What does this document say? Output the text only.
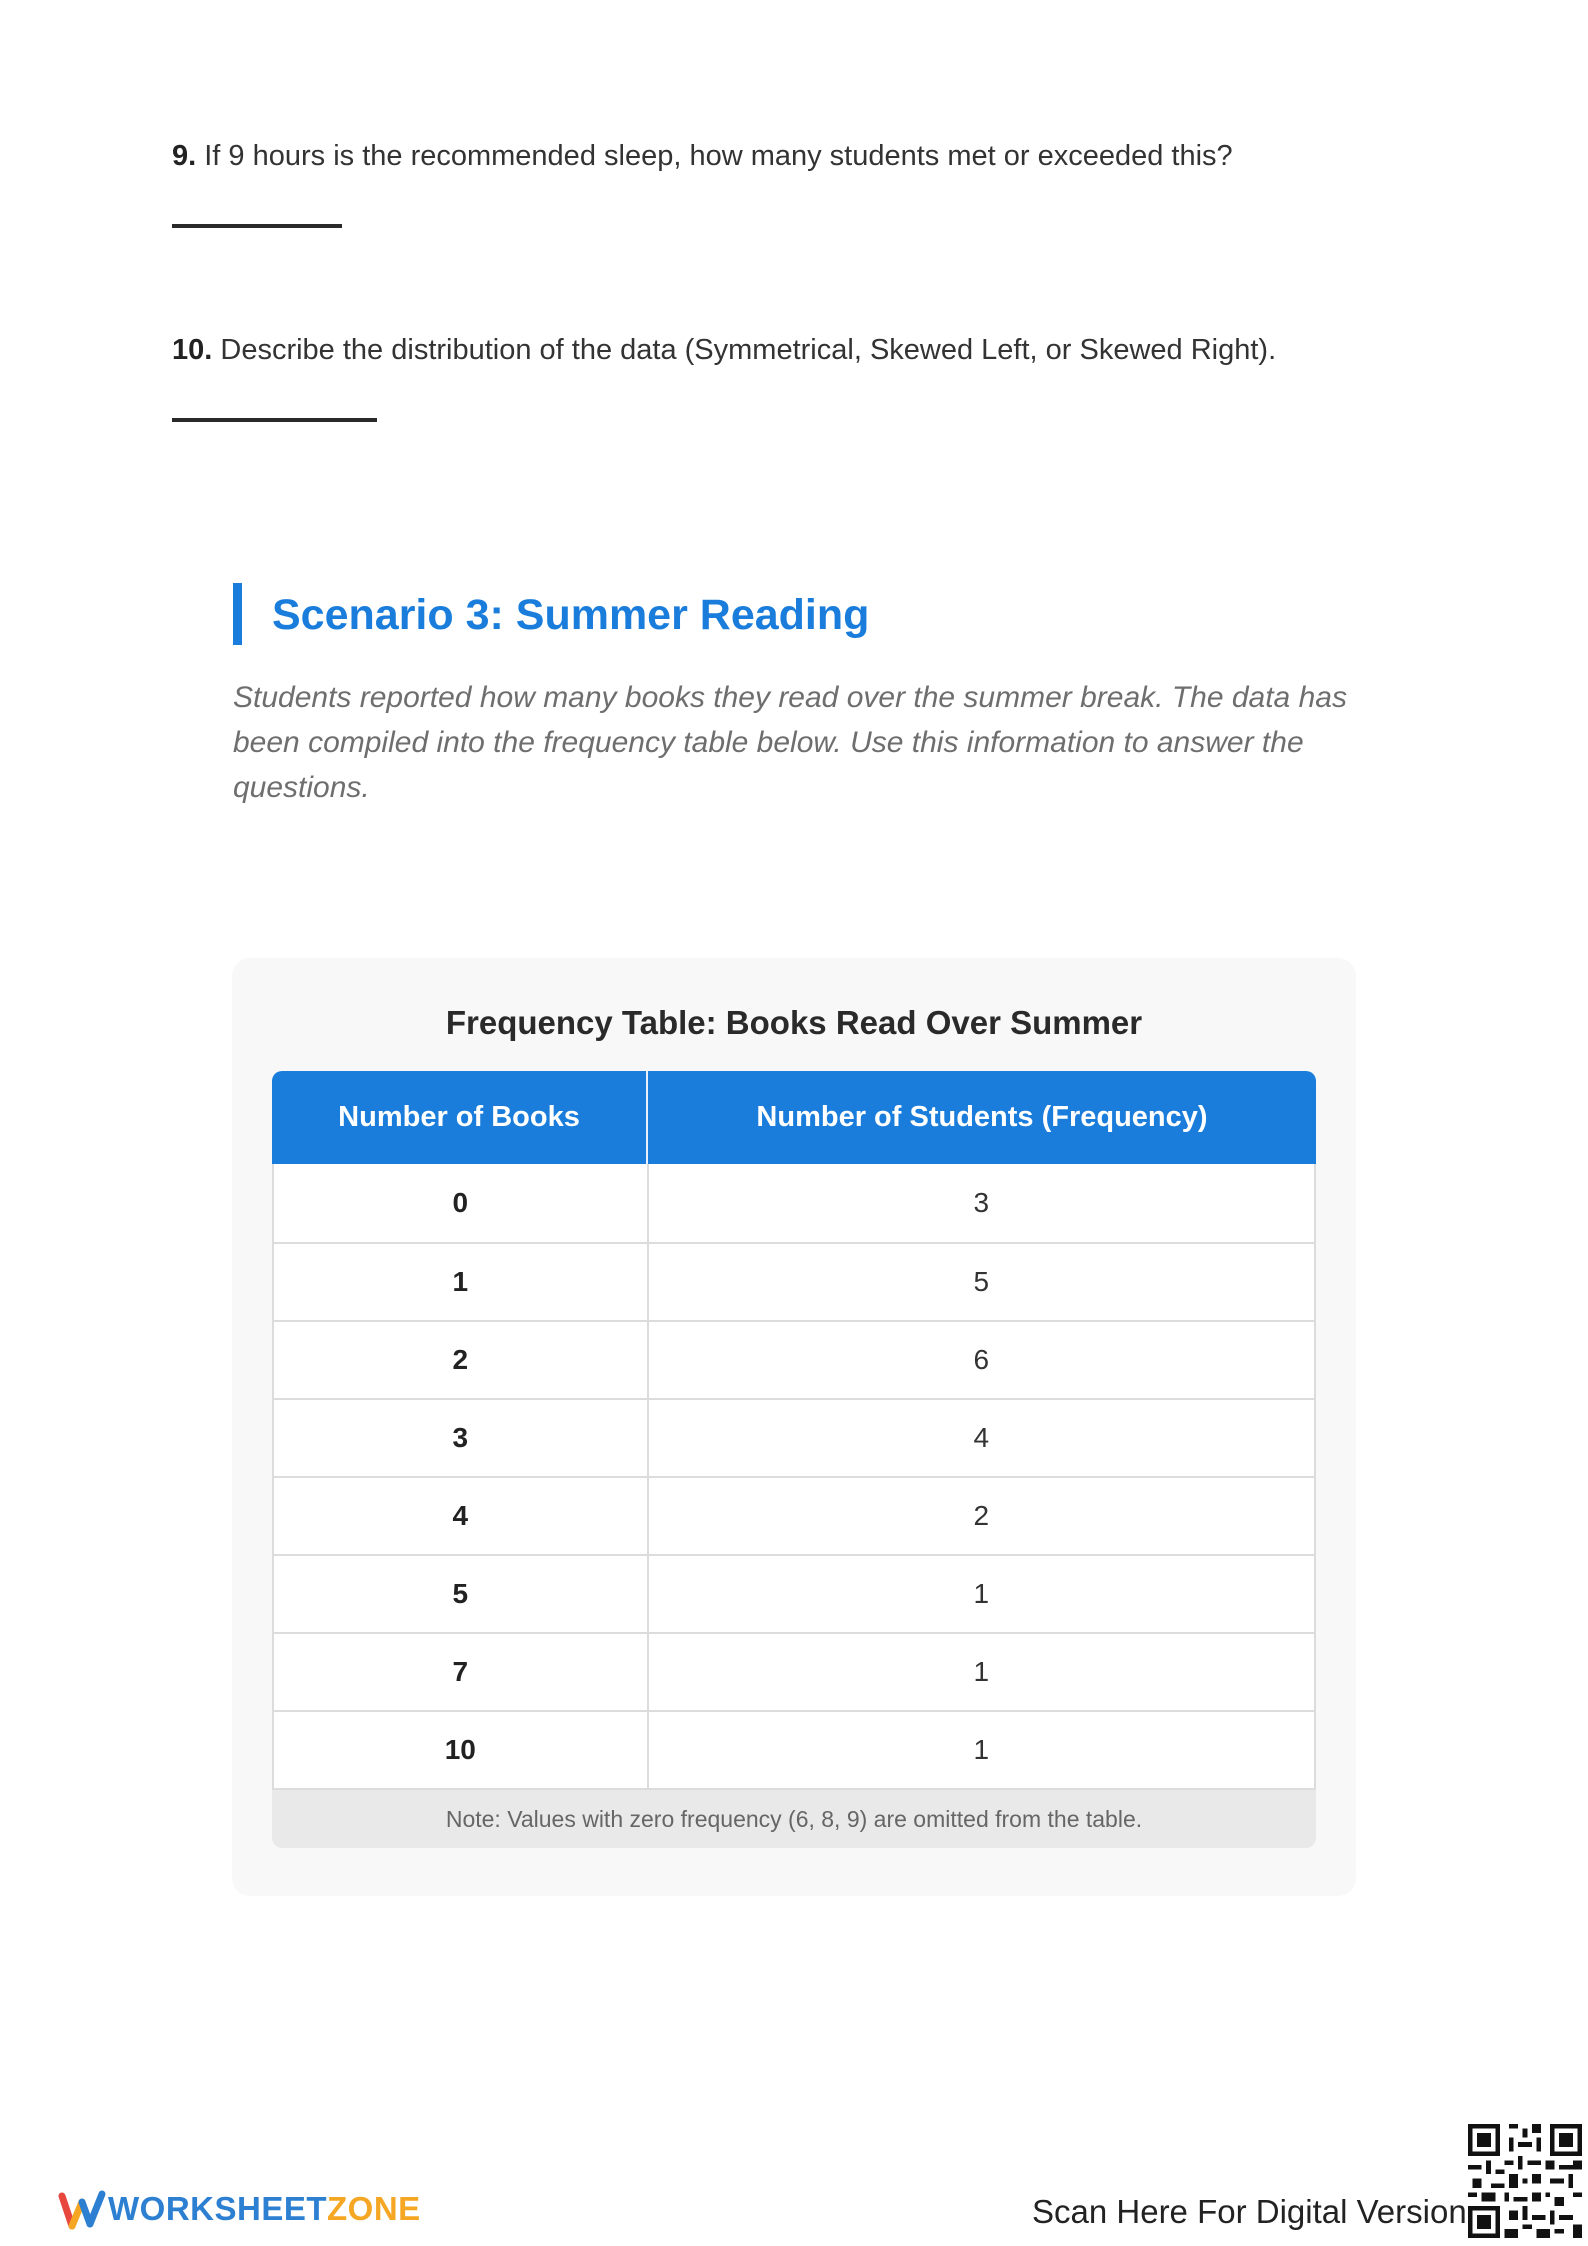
9. If 9 hours is the recommended sleep, how many students met or exceeded this?
10. Describe the distribution of the data (Symmetrical, Skewed Left, or Skewed Right).
Scenario 3: Summer Reading
Students reported how many books they read over the summer break. The data has been compiled into the frequency table below. Use this information to answer the questions.
Frequency Table: Books Read Over Summer
Number of Books	Number of Students (Frequency)
0	3
1	5
2	6
3	4
4	2
5	1
7	1
10	1
Note: Values with zero frequency (6, 8, 9) are omitted from the table.
WORKSHEETZONE	Scan Here For Digital Version
